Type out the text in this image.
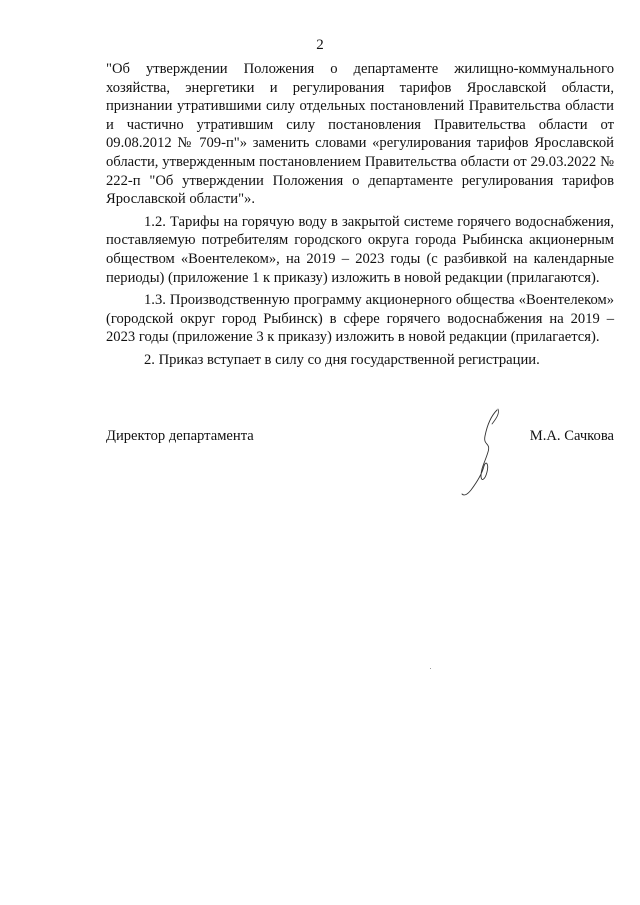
2

"Об утверждении Положения о департаменте жилищно-коммунального хозяйства, энергетики и регулирования тарифов Ярославской области, признании утратившими силу отдельных постановлений Правительства области и частично утратившим силу постановления Правительства области от 09.08.2012 № 709-п"» заменить словами «регулирования тарифов Ярославской области, утвержденным постановлением Правительства области от 29.03.2022 № 222-п "Об утверждении Положения о департаменте регулирования тарифов Ярославской области"».

1.2. Тарифы на горячую воду в закрытой системе горячего водоснабжения, поставляемую потребителям городского округа города Рыбинска акционерным обществом «Воентелеком», на 2019 – 2023 годы (с разбивкой на календарные периоды) (приложение 1 к приказу) изложить в новой редакции (прилагаются).

1.3. Производственную программу акционерного общества «Воентелеком» (городской округ город Рыбинск) в сфере горячего водоснабжения на 2019 – 2023 годы (приложение 3 к приказу) изложить в новой редакции (прилагается).

2. Приказ вступает в силу со дня государственной регистрации.

Директор департамента	М.А. Сачкова
